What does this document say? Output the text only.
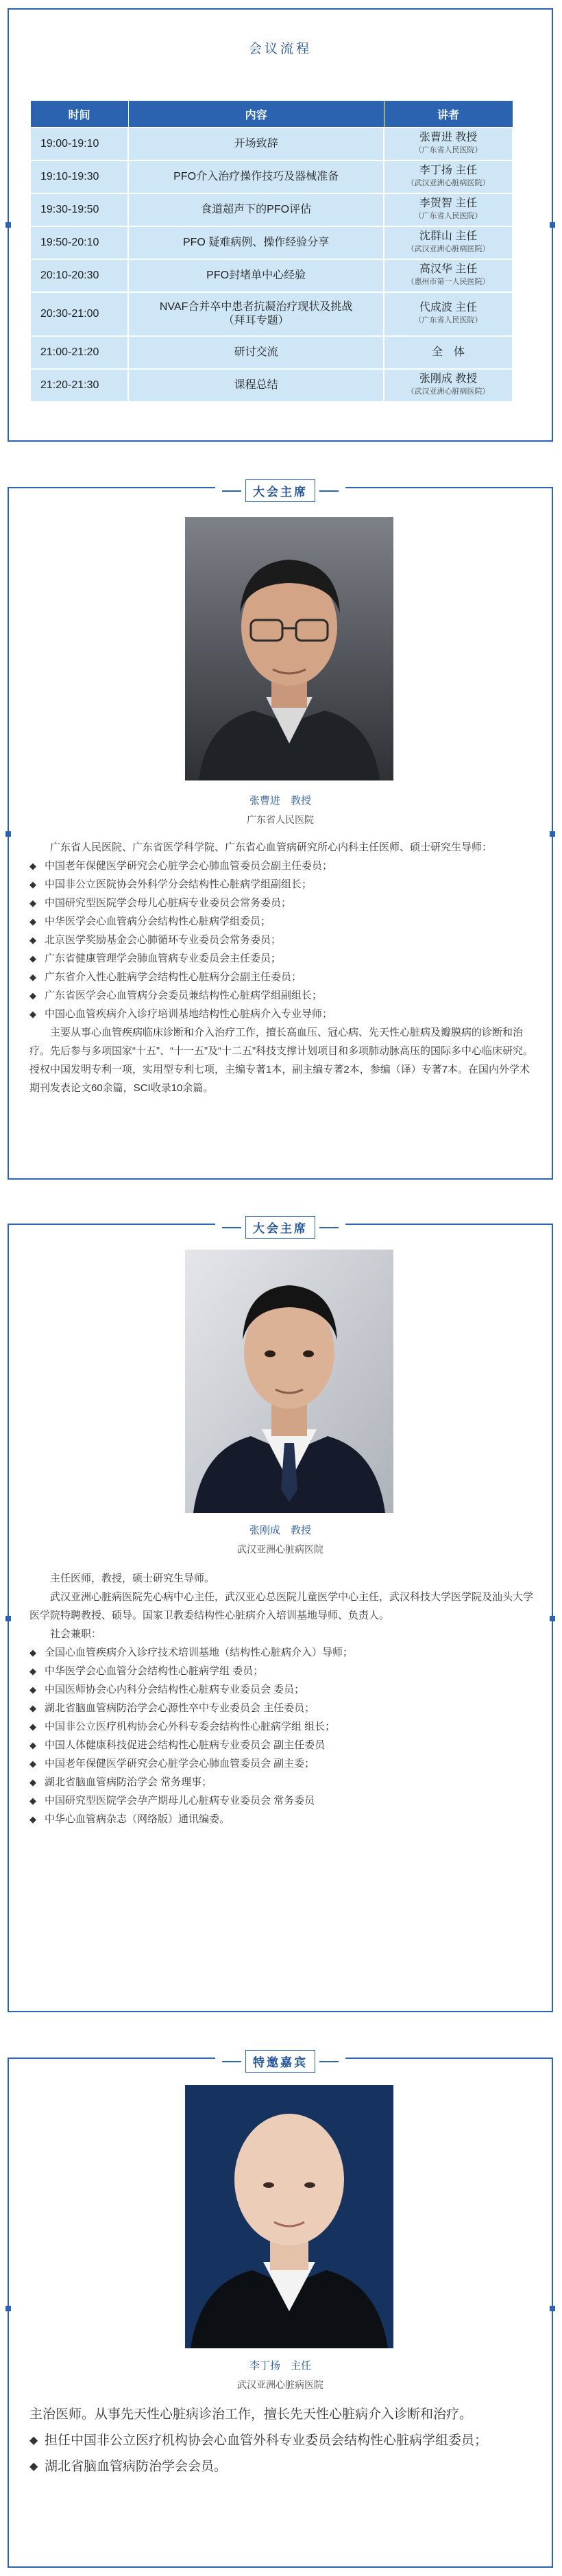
会议流程
时间	内容	讲者
19:00-19:10	开场致辞	张曹进 教授
（广东省人民医院）

19:10-19:30	PFO介入治疗操作技巧及器械准备	李丁扬 主任
（武汉亚洲心脏病医院）

19:30-19:50	食道超声下的PFO评估	李贺智 主任
（广东省人民医院）

19:50-20:10	PFO 疑难病例、操作经验分享	沈群山 主任
（武汉亚洲心脏病医院）

20:10-20:30	PFO封堵单中心经验	高汉华 主任
（惠州市第一人民医院）

20:30-21:00	NVAF合并卒中患者抗凝治疗现状及挑战（拜耳专题）	代成波 主任
（广东省人民医院）

21:00-21:20	研讨交流	全　体

21:20-21:30	课程总结	张刚成 教授
（武汉亚洲心脏病医院）
大会主席
张曹进　教授
广东省人民医院

广东省人民医院、广东省医学科学院、广东省心血管病研究所心内科主任医师、硕士研究生导师：

◆ 中国老年保健医学研究会心脏学会心肺血管委员会副主任委员；
◆ 中国非公立医院协会外科学分会结构性心脏病学组副组长；
◆ 中国研究型医院学会母儿心脏病专业委员会常务委员；
◆ 中华医学会心血管病分会结构性心脏病学组委员；
◆ 北京医学奖励基金会心肺循环专业委员会常务委员；
◆ 广东省健康管理学会肺血管病专业委员会主任委员；
◆ 广东省介入性心脏病学会结构性心脏病分会副主任委员；
◆ 广东省医学会心血管病分会委员兼结构性心脏病学组副组长；
◆ 中国心血管疾病介入诊疗培训基地结构性心脏病介入专业导师；

主要从事心血管疾病临床诊断和介入治疗工作，擅长高血压、冠心病、先天性心脏病及瓣膜病的诊断和治疗。先后参与多项国家“十五”、“十一五”及“十二五”科技支撑计划项目和多项肺动脉高压的国际多中心临床研究。授权中国发明专利一项，实用型专利七项，主编专著1本，副主编专著2本，参编（译）专著7本。在国内外学术期刊发表论文60余篇，SCI收录10余篇。

大会主席
张刚成　教授
武汉亚洲心脏病医院

主任医师，教授，硕士研究生导师。

武汉亚洲心脏病医院先心病中心主任，武汉亚心总医院儿童医学中心主任，武汉科技大学医学院及汕头大学医学院特聘教授、硕导。国家卫教委结构性心脏病介入培训基地导师、负责人。

社会兼职：

◆ 全国心血管疾病介入诊疗技术培训基地（结构性心脏病介入）导师；
◆ 中华医学会心血管分会结构性心脏病学组 委员；
◆ 中国医师协会心内科分会结构性心脏病专业委员会 委员；
◆ 湖北省脑血管病防治学会心源性卒中专业委员会 主任委员；
◆ 中国非公立医疗机构协会心外科专委会结构性心脏病学组 组长；
◆ 中国人体健康科技促进会结构性心脏病专业委员会 副主任委员
◆ 中国老年保健医学研究会心脏学会心肺血管委员会 副主委；
◆ 湖北省脑血管病防治学会 常务理事；
◆ 中国研究型医院学会孕产期母儿心脏病专业委员会 常务委员
◆ 中华心血管病杂志（网络版）通讯编委。
特邀嘉宾
李丁扬　主任
武汉亚洲心脏病医院

主治医师。从事先天性心脏病诊治工作，擅长先天性心脏病介入诊断和治疗。

◆ 担任中国非公立医疗机构协会心血管外科专业委员会结构性心脏病学组委员；
◆ 湖北省脑血管病防治学会会员。
